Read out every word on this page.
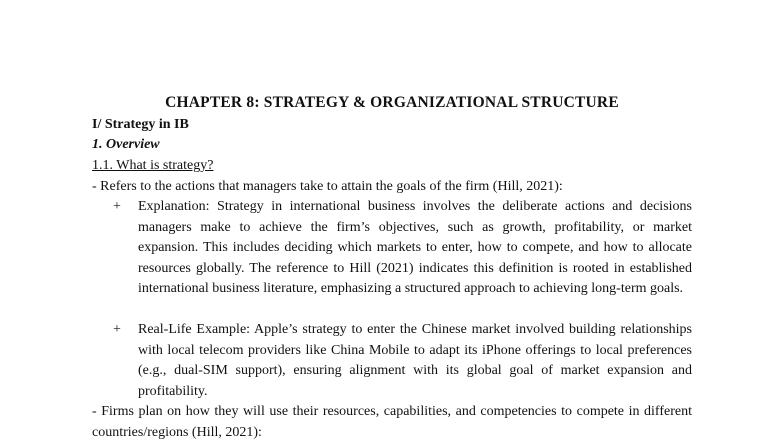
CHAPTER 8: STRATEGY & ORGANIZATIONAL STRUCTURE
I/ Strategy in IB
1. Overview
1.1. What is strategy?
- Refers to the actions that managers take to attain the goals of the firm (Hill, 2021):
+ Explanation: Strategy in international business involves the deliberate actions and decisions managers make to achieve the firm’s objectives, such as growth, profitability, or market expansion. This includes deciding which markets to enter, how to compete, and how to allocate resources globally. The reference to Hill (2021) indicates this definition is rooted in established international business literature, emphasizing a structured approach to achieving long-term goals.
+ Real-Life Example: Apple’s strategy to enter the Chinese market involved building relationships with local telecom providers like China Mobile to adapt its iPhone offerings to local preferences (e.g., dual-SIM support), ensuring alignment with its global goal of market expansion and profitability.
- Firms plan on how they will use their resources, capabilities, and competencies to compete in different countries/regions (Hill, 2021):
